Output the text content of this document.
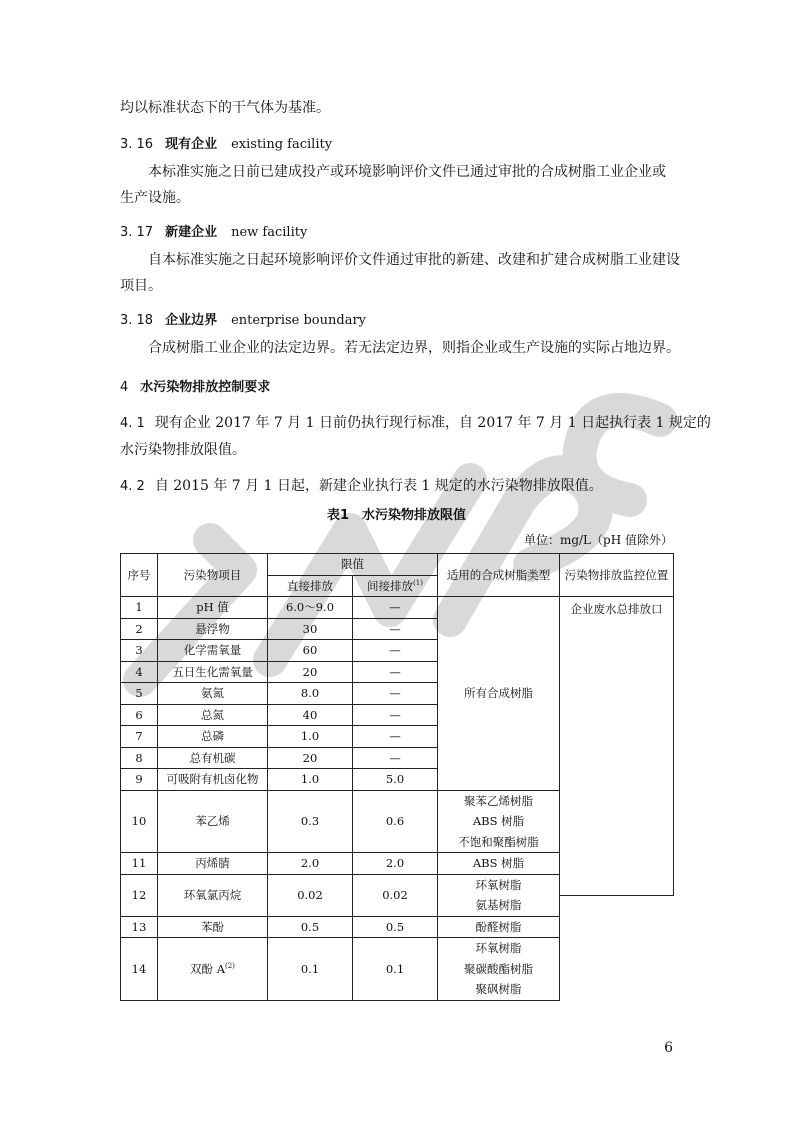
均以标准状态下的干气体为基准。
3. 16 现有企业 existing facility
本标准实施之日前已建成投产或环境影响评价文件已通过审批的合成树脂工业企业或
生产设施。
3. 17 新建企业 new facility
自本标准实施之日起环境影响评价文件通过审批的新建、改建和扩建合成树脂工业建设
项目。
3. 18 企业边界 enterprise boundary
合成树脂工业企业的法定边界。若无法定边界，则指企业或生产设施的实际占地边界。
4 水污染物排放控制要求
4. 1 现有企业 2017 年 7 月 1 日前仍执行现行标准，自 2017 年 7 月 1 日起执行表 1 规定的
水污染物排放限值。
4. 2 自 2015 年 7 月 1 日起，新建企业执行表 1 规定的水污染物排放限值。
表1　水污染物排放限值
单位：mg/L（pH 值除外）
序号	污染物项目	限值		适用的合成树脂类型	污染物排放监控位置
		直接排放	间接排放$^{(1)}$
1	pH 值	6.0～9.0	—	所有合成树脂	企业废水总排放口
2	悬浮物	30	—		
3	化学需氧量	60	—		
4	五日生化需氧量	20	—		
5	氨氮	8.0	—		
6	总氮	40	—		
7	总磷	1.0	—		
8	总有机碳	20	—		
9	可吸附有机卤化物	1.0	5.0		
10	苯乙烯	0.3	0.6	聚苯乙烯树脂	
				ABS 树脂	
				不饱和聚酯树脂	
11	丙烯腈	2.0	2.0	ABS 树脂	
12	环氧氯丙烷	0.02	0.02	环氧树脂	
				氨基树脂	
13	苯酚	0.5	0.5	酚醛树脂	
14	双酚 $A^{(2)}$	0.1	0.1	环氧树脂	
				聚碳酸酯树脂	
				聚砜树脂	
6
